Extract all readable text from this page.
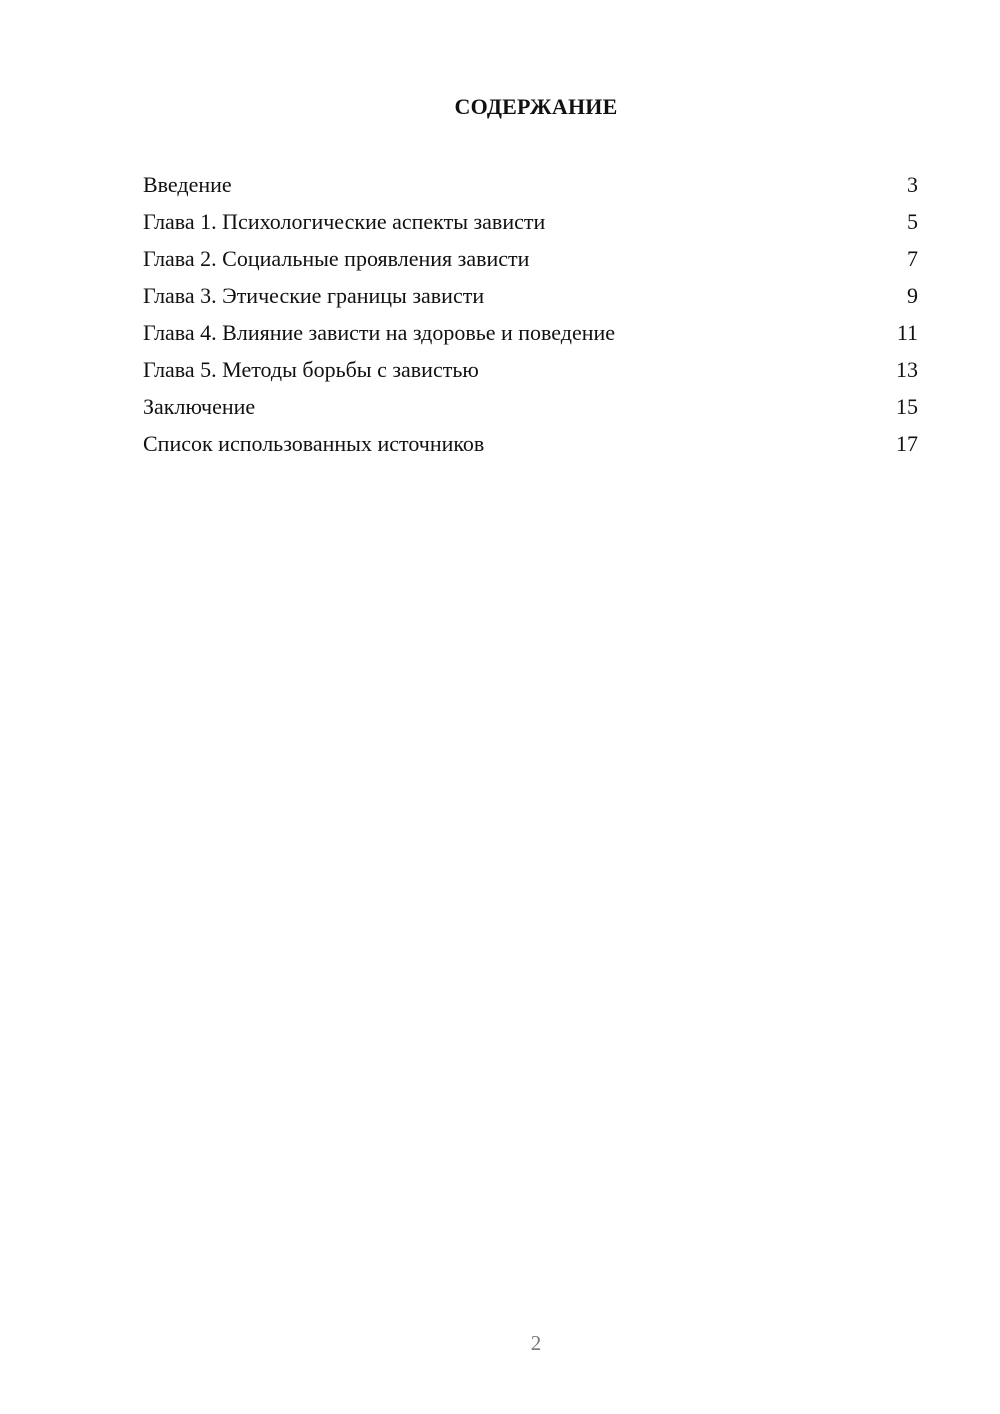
СОДЕРЖАНИЕ
Введение	3
Глава 1. Психологические аспекты зависти	5
Глава 2. Социальные проявления зависти	7
Глава 3. Этические границы зависти	9
Глава 4. Влияние зависти на здоровье и поведение	11
Глава 5. Методы борьбы с завистью	13
Заключение	15
Список использованных источников	17
2
